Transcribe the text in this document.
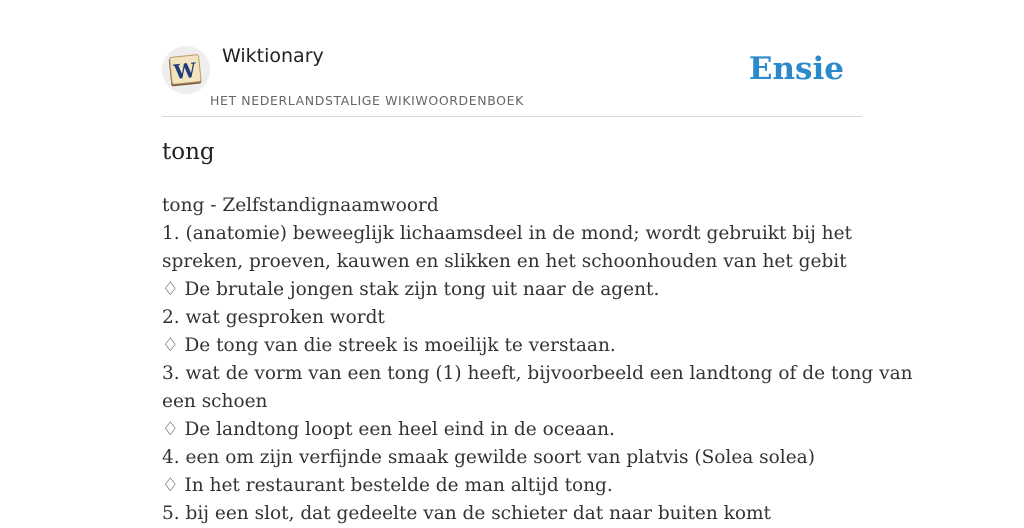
W
Wiktionary
HET NEDERLANDSTALIGE WIKIWOORDENBOEK
Ensie
tong
tong - Zelfstandignaamwoord
1. (anatomie) beweeglijk lichaamsdeel in de mond; wordt gebruikt bij het
spreken, proeven, kauwen en slikken en het schoonhouden van het gebit
♢ De brutale jongen stak zijn tong uit naar de agent.
2. wat gesproken wordt
♢ De tong van die streek is moeilijk te verstaan.
3. wat de vorm van een tong (1) heeft, bijvoorbeeld een landtong of de tong van
een schoen
♢ De landtong loopt een heel eind in de oceaan.
4. een om zijn verfijnde smaak gewilde soort van platvis (Solea solea)
♢ In het restaurant bestelde de man altijd tong.
5. bij een slot, dat gedeelte van de schieter dat naar buiten komt
